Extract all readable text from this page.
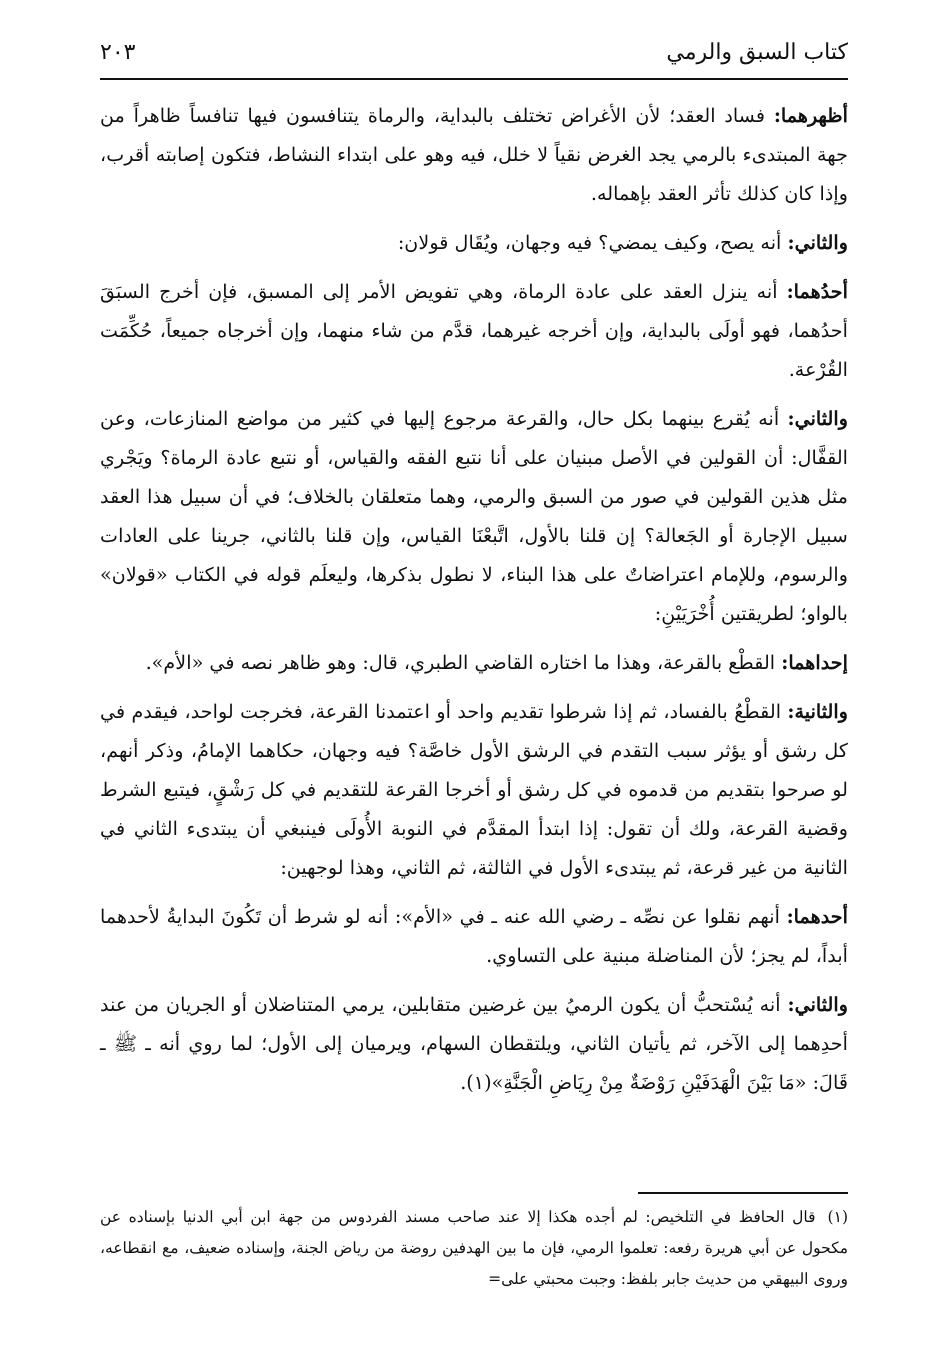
كتاب السبق والرمي
٢٠٣

أظهرهما: فساد العقد؛ لأن الأغراض تختلف بالبداية، والرماة يتنافسون فيها تنافساً ظاهراً من جهة المبتدىء بالرمي يجد الغرض نقياً لا خلل، فيه وهو على ابتداء النشاط، فتكون إصابته أقرب، وإذا كان كذلك تأثر العقد بإهماله.

والثاني: أنه يصح، وكيف يمضي؟ فيه وجهان، ويُقَال قولان:

أحدُهما: أنه ينزل العقد على عادة الرماة، وهي تفويض الأمر إلى المسبق، فإن أخرج السبَقَ أحدُهما، فهو أولَى بالبداية، وإن أخرجه غيرهما، قدَّم من شاء منهما، وإن أخرجاه جميعاً، حُكِّمَت القُرْعة.

والثاني: أنه يُقرع بينهما بكل حال، والقرعة مرجوع إليها في كثير من مواضع المنازعات، وعن القفَّال: أن القولين في الأصل مبنيان على أنا نتبع الفقه والقياس، أو نتبع عادة الرماة؟ ويَجْري مثل هذين القولين في صور من السبق والرمي، وهما متعلقان بالخلاف؛ في أن سبيل هذا العقد سبيل الإجارة أو الجَعالة؟ إن قلنا بالأول، اتَّبعْنَا القياس، وإن قلنا بالثاني، جرينا على العادات والرسوم، وللإمام اعتراضاتٌ على هذا البناء، لا نطول بذكرها، وليعلَم قوله في الكتاب «قولان» بالواو؛ لطريقتين أُخْرَيَيْنِ:

إحداهما: القطْع بالقرعة، وهذا ما اختاره القاضي الطبري، قال: وهو ظاهر نصه في «الأم».

والثانية: القطْعُ بالفساد، ثم إذا شرطوا تقديم واحد أو اعتمدنا القرعة، فخرجت لواحد، فيقدم في كل رشق أو يؤثر سبب التقدم في الرشق الأول خاصَّة؟ فيه وجهان، حكاهما الإمامُ، وذكر أنهم، لو صرحوا بتقديم من قدموه في كل رشق أو أخرجا القرعة للتقديم في كل رَشْقٍ، فيتبع الشرط وقضية القرعة، ولك أن تقول: إذا ابتدأ المقدَّم في النوبة الأُولَى فينبغي أن يبتدىء الثاني في الثانية من غير قرعة، ثم يبتدىء الأول في الثالثة، ثم الثاني، وهذا لوجهين:

أحدهما: أنهم نقلوا عن نصِّه ـ رضي الله عنه ـ في «الأم»: أنه لو شرط أن تَكُونَ البدايةُ لأحدهما أبداً، لم يجز؛ لأن المناضلة مبنية على التساوي.

والثاني: أنه يُسْتحبُّ أن يكون الرميُ بين غرضين متقابلين، يرمي المتناضلان أو الجريان من عند أحدِهما إلى الآخر، ثم يأتيان الثاني، ويلتقطان السهام، ويرميان إلى الأول؛ لما روي أنه ـ ﷺ ـ قَالَ: «مَا بَيْنَ الْهَدَفَيْنِ رَوْضَةٌ مِنْ رِيَاضِ الْجَنَّةِ»(١).

(١)قال الحافظ في التلخيص: لم أجده هكذا إلا عند صاحب مسند الفردوس من جهة ابن أبي الدنيا بإسناده عن مكحول عن أبي هريرة رفعه: تعلموا الرمي، فإن ما بين الهدفين روضة من رياض الجنة، وإسناده ضعيف، مع انقطاعه، وروى البيهقي من حديث جابر بلفظ: وجبت محبتي على=
